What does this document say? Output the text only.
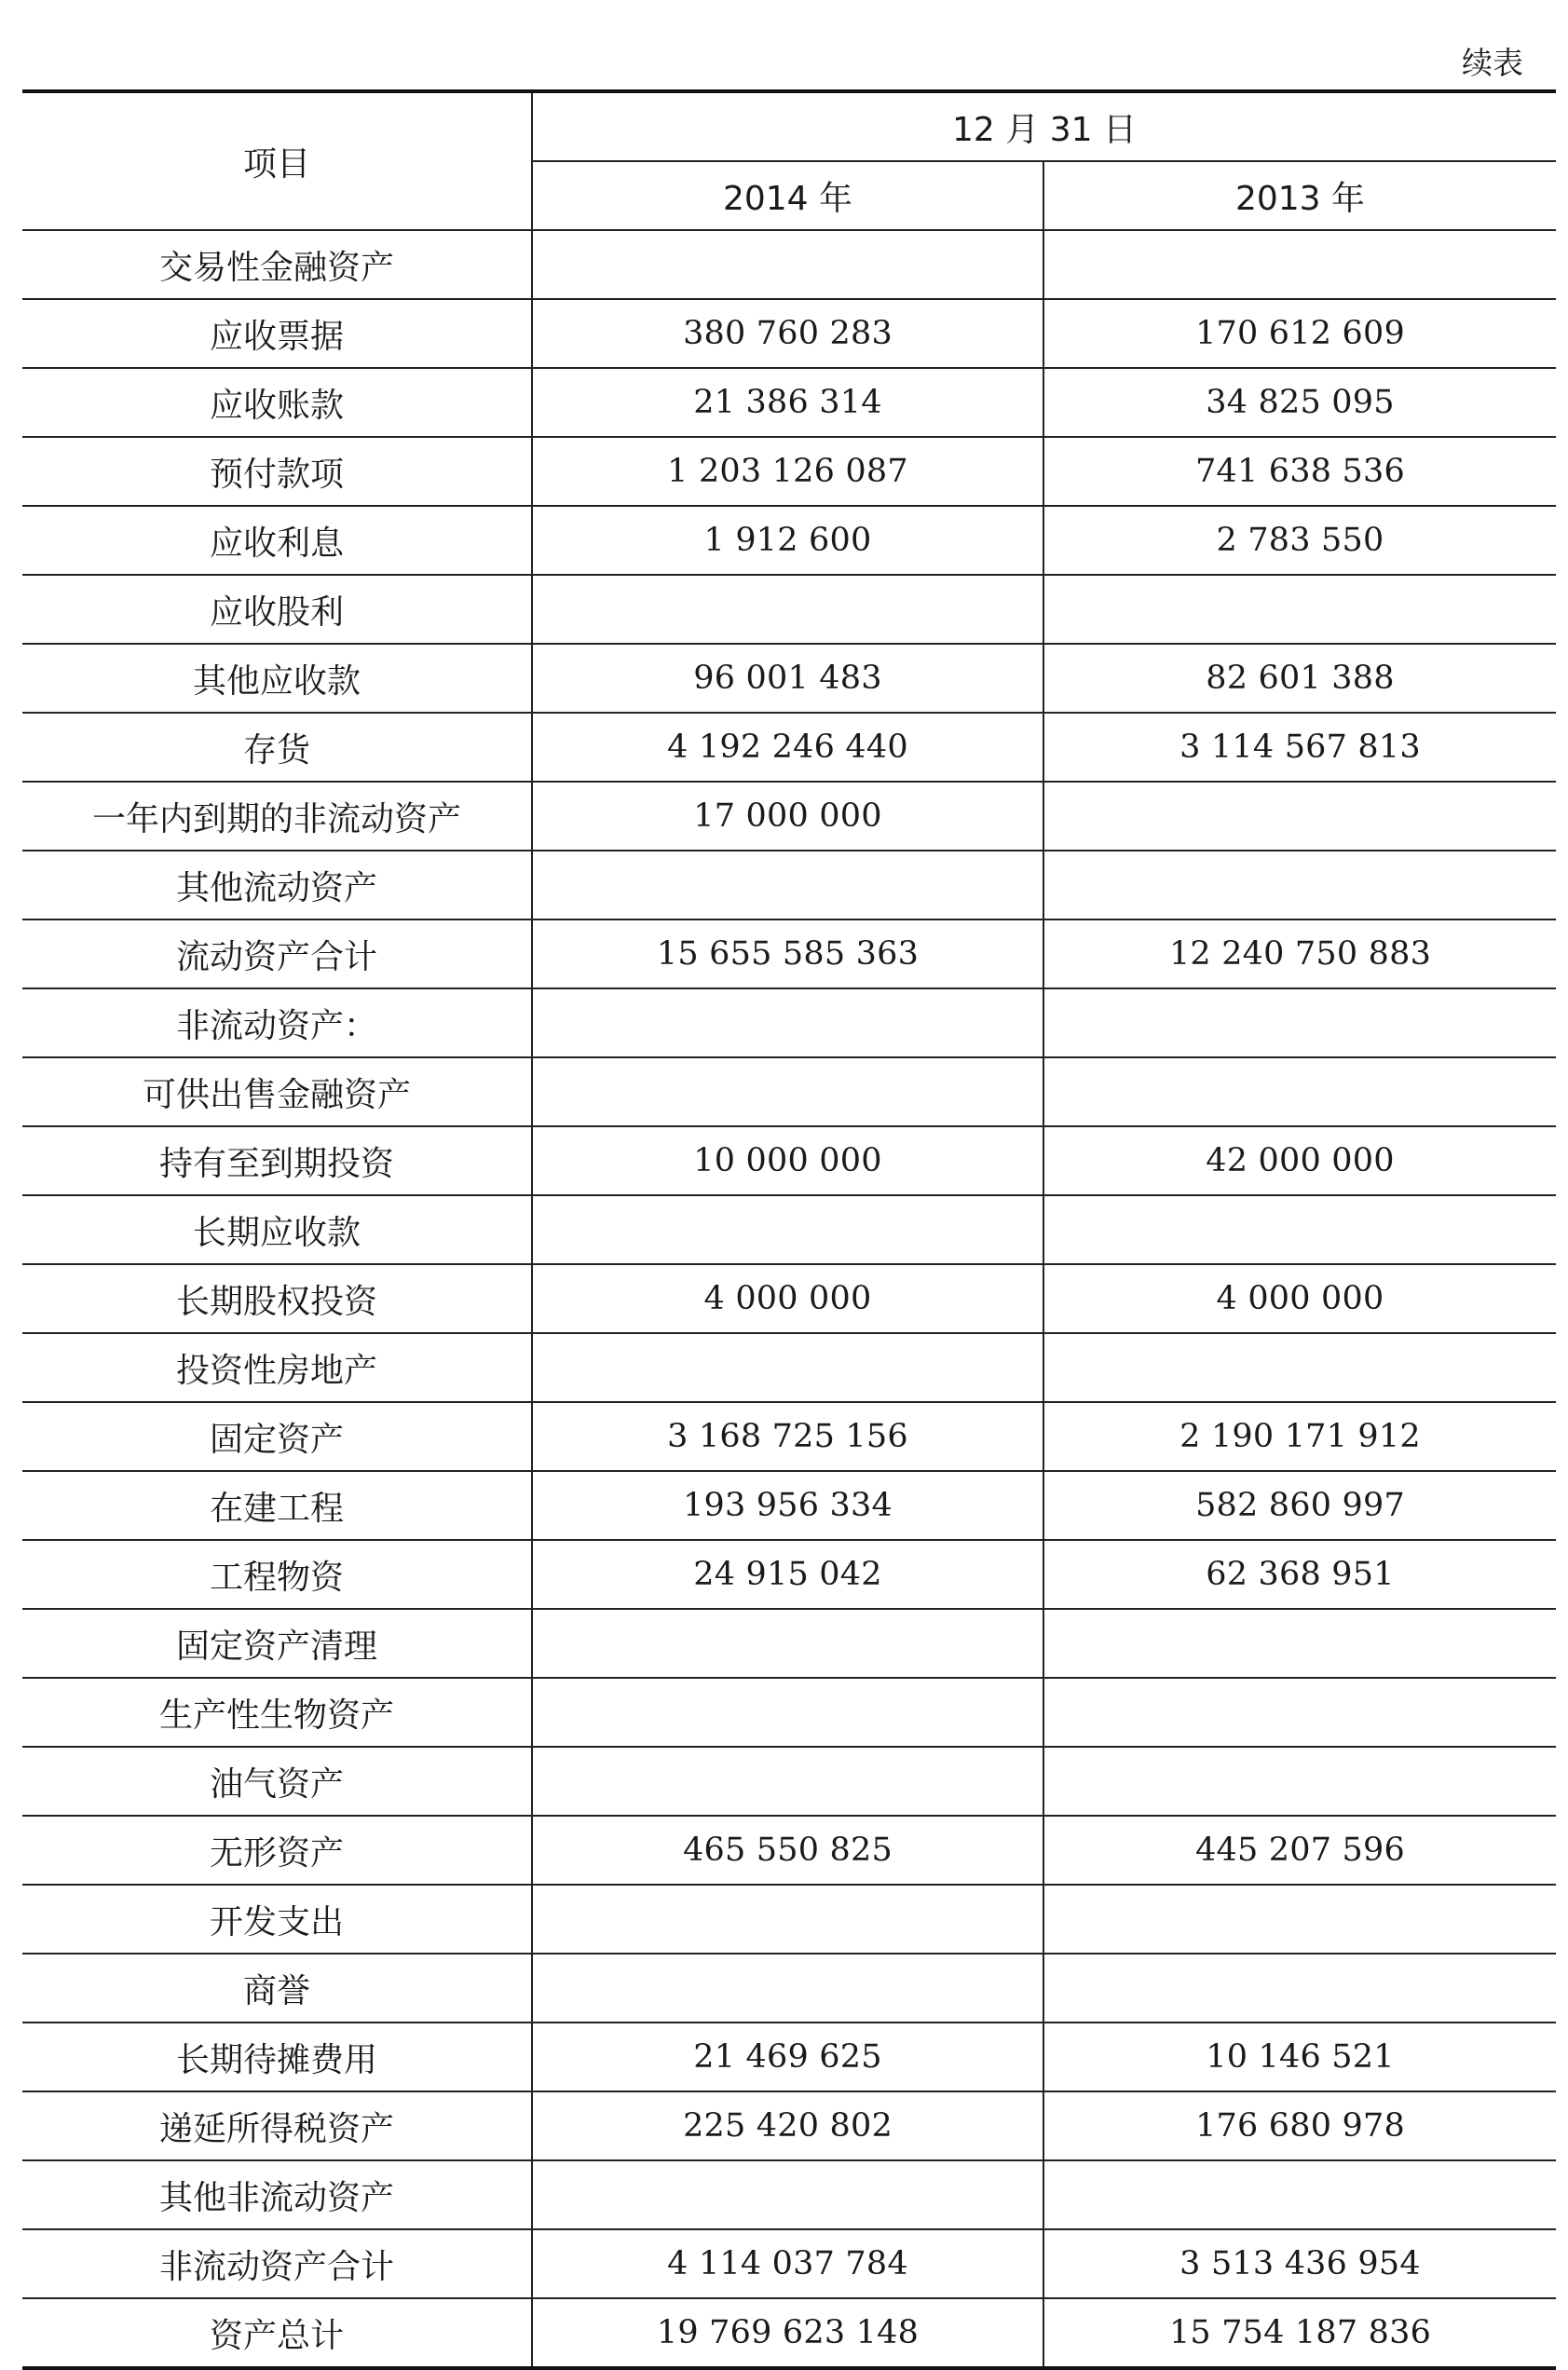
续表
项目	12 月 31 日	
	2014 年	2013 年
交易性金融资产		
应收票据	380 760 283	170 612 609
应收账款	21 386 314	34 825 095
预付款项	1 203 126 087	741 638 536
应收利息	1 912 600	2 783 550
应收股利		
其他应收款	96 001 483	82 601 388
存货	4 192 246 440	3 114 567 813
一年内到期的非流动资产	17 000 000	
其他流动资产		
流动资产合计	15 655 585 363	12 240 750 883
非流动资产：		
可供出售金融资产		
持有至到期投资	10 000 000	42 000 000
长期应收款		
长期股权投资	4 000 000	4 000 000
投资性房地产		
固定资产	3 168 725 156	2 190 171 912
在建工程	193 956 334	582 860 997
工程物资	24 915 042	62 368 951
固定资产清理		
生产性生物资产		
油气资产		
无形资产	465 550 825	445 207 596
开发支出		
商誉		
长期待摊费用	21 469 625	10 146 521
递延所得税资产	225 420 802	176 680 978
其他非流动资产		
非流动资产合计	4 114 037 784	3 513 436 954
资产总计	19 769 623 148	15 754 187 836
